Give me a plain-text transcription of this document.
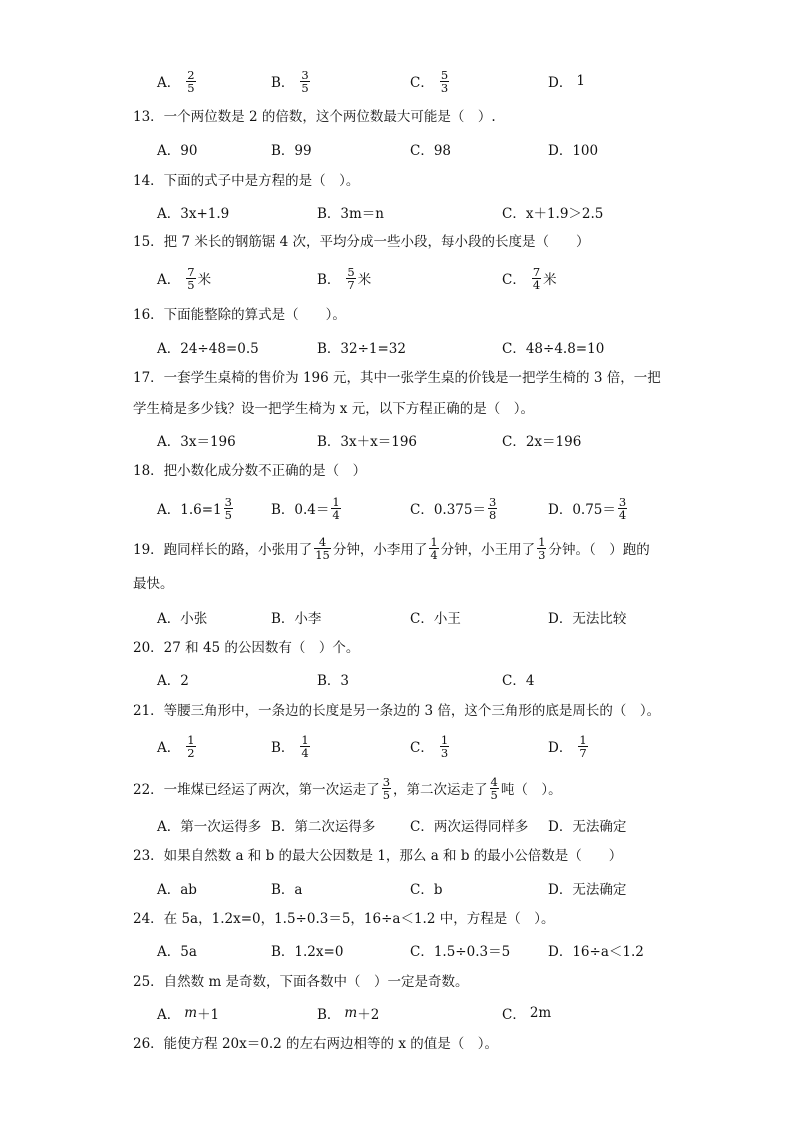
A． $\frac{2}{5}$	B． $\frac{3}{5}$	C． $\frac{5}{3}$	D． 1
13．一个两位数是 2 的倍数，这个两位数最大可能是（　）.
A．90	B．99	C．98	D．100
14．下面的式子中是方程的是（　）。
A．3x+1.9	B．3m＝n	C．x＋1.9＞2.5
15．把 7 米长的钢筋锯 4 次，平均分成一些小段，每小段的长度是（　　）
A． $\frac{7}{5}$ 米	B． $\frac{5}{7}$ 米	C． $\frac{7}{4}$ 米
16．下面能整除的算式是（　　）。
A．24÷48=0.5	B．32÷1=32	C．48÷4.8=10
17．一套学生桌椅的售价为 196 元，其中一张学生桌的价钱是一把学生椅的 3 倍，一把
学生椅是多少钱？设一把学生椅为 x 元，以下方程正确的是（　）。
A．3x＝196	B．3x＋x＝196	C．2x＝196
18．把小数化成分数不正确的是（　）
A．$1.6=1 \frac{3}{5}$	B．$0.4= \frac{1}{4}$	C．$0.375= \frac{3}{8}$	D．$0.75= \frac{3}{4}$
19．跑同样长的路，小张用了 $\frac{4}{15}$ 分钟，小李用了 $\frac{1}{4}$ 分钟，小王用了 $\frac{1}{3}$ 分钟。（　）跑的
最快。
A．小张	B．小李	C．小王	D．无法比较
20．27 和 45 的公因数有（　）个。
A．2	B．3	C．4
21．等腰三角形中，一条边的长度是另一条边的 3 倍，这个三角形的底是周长的（　）。
A． $\frac{1}{2}$	B． $\frac{1}{4}$	C． $\frac{1}{3}$	D． $\frac{1}{7}$
22．一堆煤已经运了两次，第一次运走了 $\frac{3}{5}$ ，第二次运走了 $\frac{4}{5}$ 吨（　）。
A．第一次运得多 B．第二次运得多	C．两次运得同样多 D．无法确定
23．如果自然数 a 和 b 的最大公因数是 1，那么 a 和 b 的最小公倍数是（　　）
A．ab	B．a	C．b	D．无法确定
24．在 5a，1.2x=0，1.5÷0.3＝5，16÷a＜1.2 中，方程是（　）。
A．5a	B．1.2x=0	C．1.5÷0.3＝5	D．16÷a＜1.2
25．自然数 m 是奇数，下面各数中（　）一定是奇数。
A． m ＋1	B． m ＋2	C． 2m
26．能使方程 20x＝0.2 的左右两边相等的 x 的值是（　）。
